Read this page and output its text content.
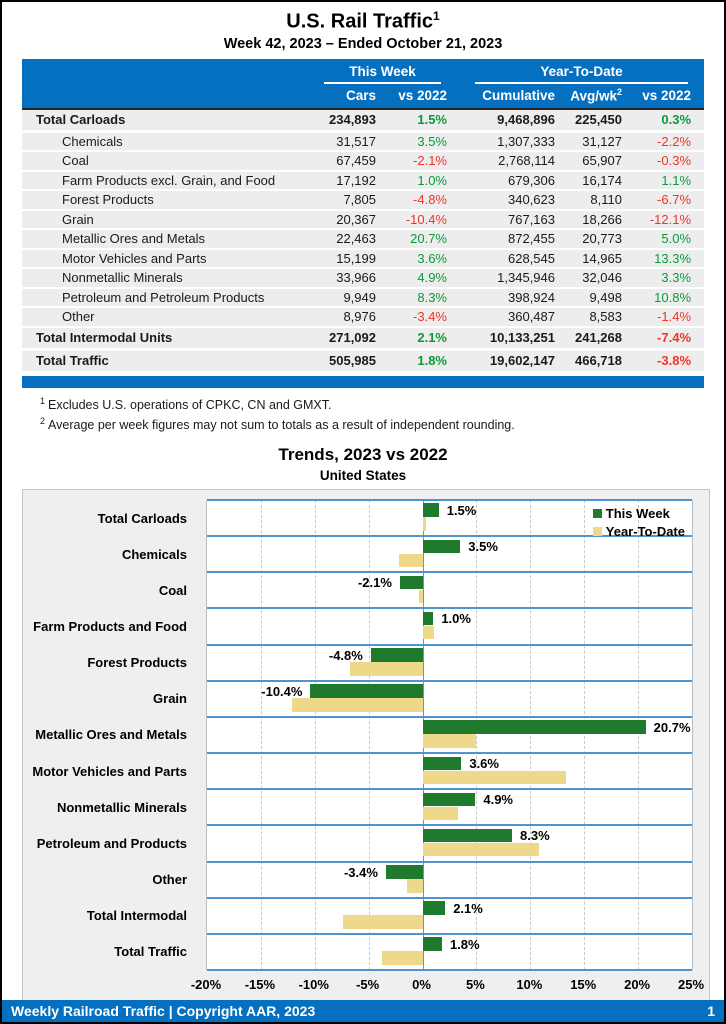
U.S. Rail Traffic$^1$
Week 42, 2023 – Ended October 21, 2023

	This Week		Year-To-Date		

	Cars	vs 2022	Cumulative	Avg/$wk^2$	vs 2022
Total Carloads	234,893	1.5%	9,468,896	225,450	0.3%
Chemicals	31,517	3.5%	1,307,333	31,127	-2.2%
Coal	67,459	-2.1%	2,768,114	65,907	-0.3%
Farm Products excl. Grain, and Food	17,192	1.0%	679,306	16,174	1.1%
Forest Products	7,805	-4.8%	340,623	8,110	-6.7%
Grain	20,367	-10.4%	767,163	18,266	-12.1%
Metallic Ores and Metals	22,463	20.7%	872,455	20,773	5.0%
Motor Vehicles and Parts	15,199	3.6%	628,545	14,965	13.3%
Nonmetallic Minerals	33,966	4.9%	1,345,946	32,046	3.3%
Petroleum and Petroleum Products	9,949	8.3%	398,924	9,498	10.8%
Other	8,976	-3.4%	360,487	8,583	-1.4%
Total Intermodal Units	271,092	2.1%	10,133,251	241,268	-7.4%
Total Traffic	505,985	1.8%	19,602,147	466,718	-3.8%
$^1$ Excludes U.S. operations of CPKC, CN and GMXT.
$^2$ Average per week figures may not sum to totals as a result of independent rounding.
Trends, 2023 vs 2022
United States
1.5%
3.5%
-2.1%
1.0%
-4.8%
-10.4%
20.7%
3.6%
4.9%
8.3%
-3.4%
2.1%
1.8%
Total Carloads
Chemicals
Coal
Farm Products and Food
Forest Products
Grain
Metallic Ores and Metals
Motor Vehicles and Parts
Nonmetallic Minerals
Petroleum and Products
Other
Total Intermodal
Total Traffic
-20% -15% -10% -5%	0%	5% 10% 15% 20% 25%
This Week
Year-To-Date
Weekly Railroad Traffic | Copyright AAR, 2023	1
